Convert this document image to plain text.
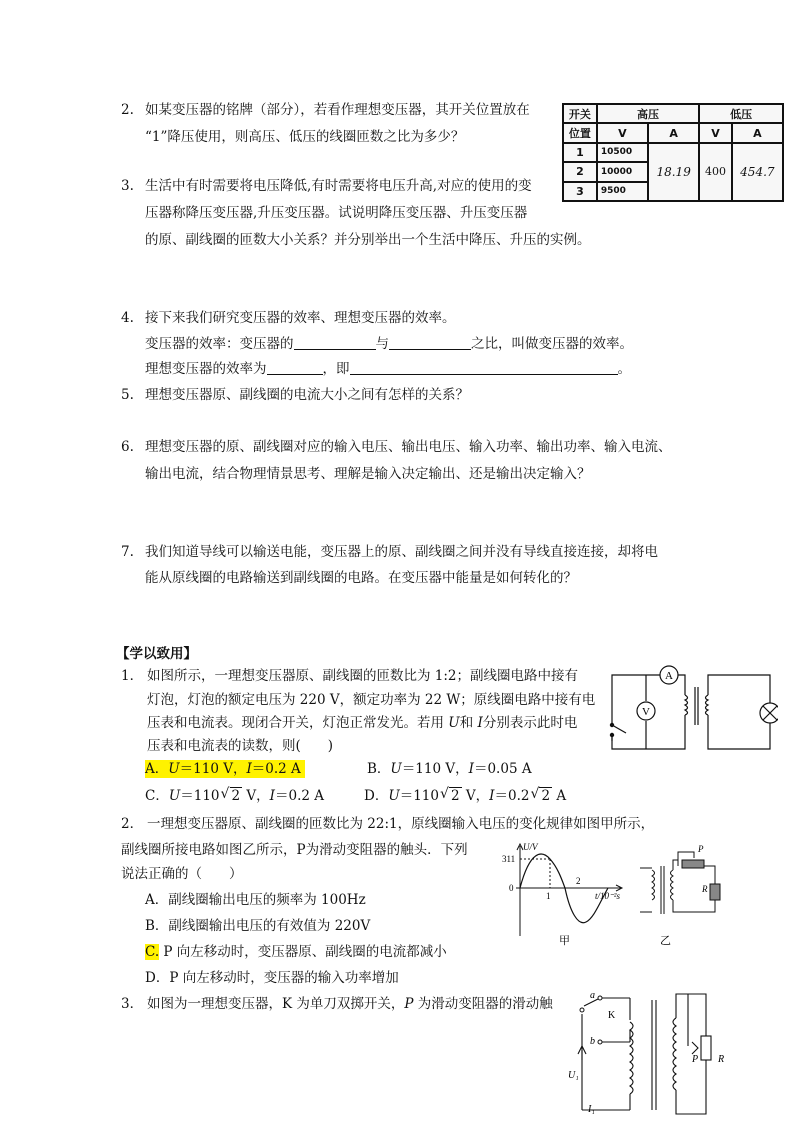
2. 如某变压器的铭牌（部分），若看作理想变压器，其开关位置放在
“1”降压使用，则高压、低压的线圈匝数之比为多少？
开关	高压		低压	
位置	V	A	V	A
1	10500	18.19	400	454.7
2	10000			
3	9500			
3. 生活中有时需要将电压降低,有时需要将电压升高,对应的使用的变
压器称降压变压器,升压变压器。试说明降压变压器、升压变压器
的原、副线圈的匝数大小关系？并分别举出一个生活中降压、升压的实例。
4. 接下来我们研究变压器的效率、理想变压器的效率。
变压器的效率：变压器的	与	之比，叫做变压器的效率。
理想变压器的效率为	，即	。
5. 理想变压器原、副线圈的电流大小之间有怎样的关系？
6. 理想变压器的原、副线圈对应的输入电压、输出电压、输入功率、输出功率、输入电流、
输出电流，结合物理情景思考、理解是输入决定输出、还是输出决定输入？
7. 我们知道导线可以输送电能，变压器上的原、副线圈之间并没有导线直接连接，却将电
能从原线圈的电路输送到副线圈的电路。在变压器中能量是如何转化的？
【学以致用】
1． 如图所示，一理想变压器原、副线圈的匝数比为 1:2；副线圈电路中接有
灯泡，灯泡的额定电压为 220 V，额定功率为 22 W；原线圈电路中接有电
压表和电流表。现闭合开关，灯泡正常发光。若用 U和 I分别表示此时电
压表和电流表的读数，则(　　)
A．U＝110 V，I＝0.2 A	B．U＝110 V，I＝0.05 A
C．U＝110 √ 2 V，I＝0.2 A	D．U＝110 √ 2 V，I＝0.2 √ 2 A
A
V
2． 一理想变压器原、副线圈的匝数比为 22:1，原线圈输入电压的变化规律如图甲所示，
副线圈所接电路如图乙所示，P为滑动变阻器的触头．下列
说法正确的（　　）
A．副线圈输出电压的频率为 100Hz
B．副线圈输出电压的有效值为 220V
C. P 向左移动时，变压器原、副线圈的电流都减小
D．P 向左移动时，变压器的输入功率增加
U/V
311
0
1
2
t/10⁻²s
甲
P
R
乙
3． 如图为一理想变压器，K 为单刀双掷开关，P 为滑动变阻器的滑动触
a
b
K
U₁
I₁
P R
